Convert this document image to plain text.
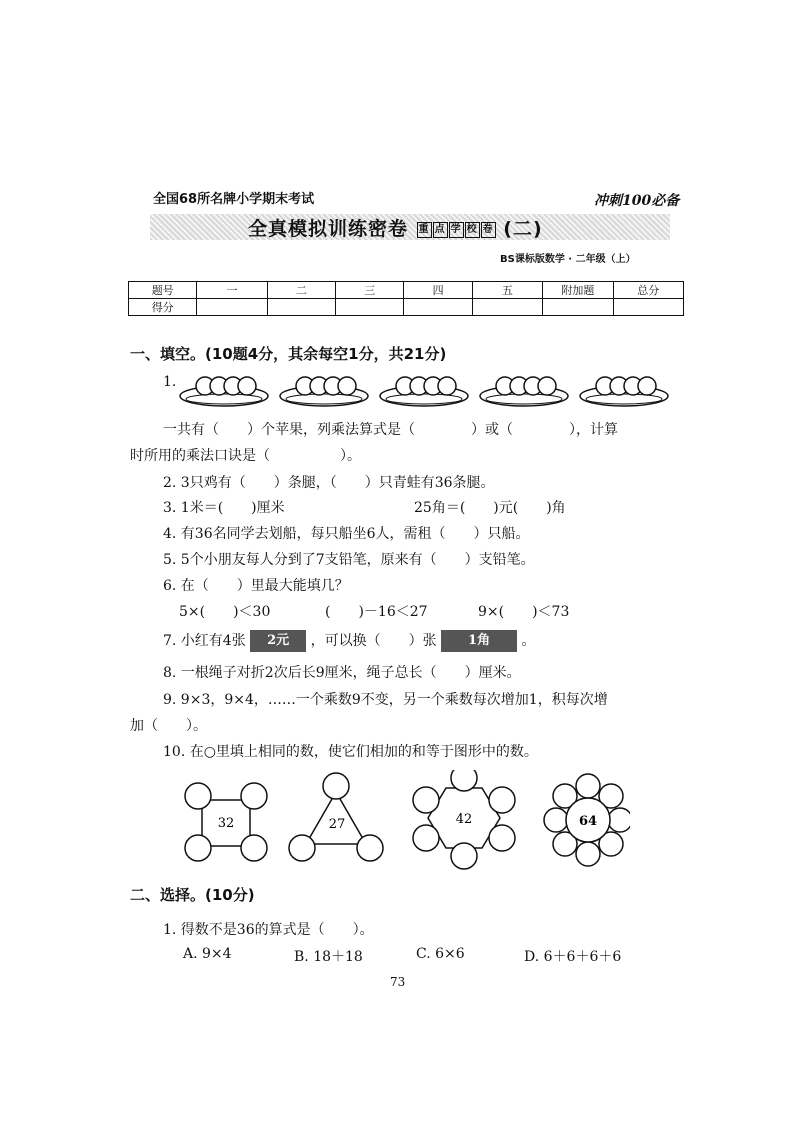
全国68所名牌小学期末考试	冲刺100必备
全真模拟训练密卷 重 点 学 校 卷 (二)
BS课标版数学 · 二年级（上）
题号	一	二	三	四	五	附加题	总分
得分							
一、填空。(10题4分，其余每空1分，共21分)
1.
一共有（　　）个苹果，列乘法算式是（　　　　）或（　　　　），计算
时所用的乘法口诀是（　　　　　）。
2. 3只鸡有（　　）条腿，（　　）只青蛙有36条腿。
3. 1米＝(　　)厘米	25角＝(　　)元(　　)角
4. 有36名同学去划船，每只船坐6人，需租（　　）只船。
5. 5个小朋友每人分到了7支铅笔，原来有（　　）支铅笔。
6. 在（　　）里最大能填几？
5×(　　)＜30	(　　)－16＜27	9×(　　)＜73
7. 小红有4张 2元 ，可以换（　　）张 1角 。
8. 一根绳子对折2次后长9厘米，绳子总长（　　）厘米。
9. 9×3，9×4，……一个乘数9不变，另一个乘数每次增加1，积每次增
加（　　）。
10. 在○里填上相同的数，使它们相加的和等于图形中的数。
32	27	42	64
二、选择。(10分)
1. 得数不是36的算式是（　　）。
A. 9×4	B. 18＋18	C. 6×6	D. 6＋6＋6＋6
73
